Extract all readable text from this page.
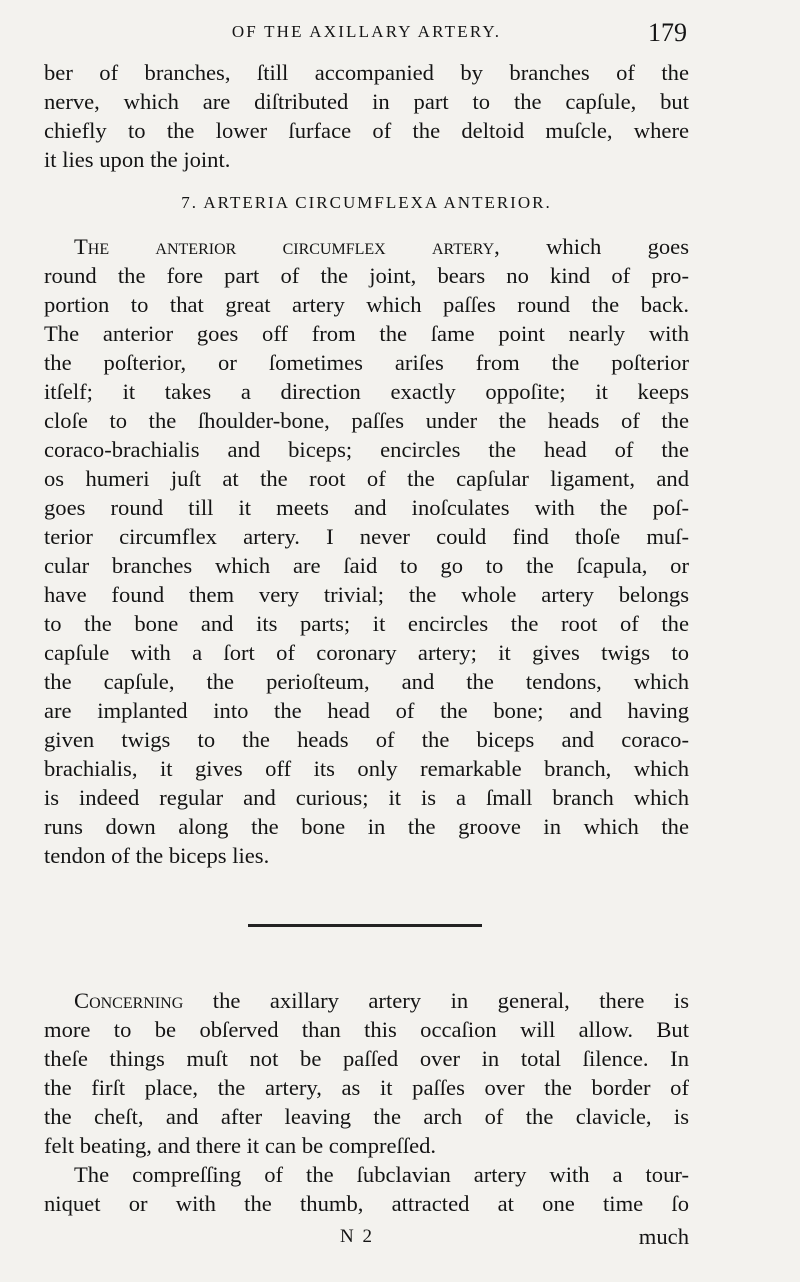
OF THE AXILLARY ARTERY.	179
ber of branches, ſtill accompanied by branches of the
nerve, which are diſtributed in part to the capſule, but
chiefly to the lower ſurface of the deltoid muſcle, where
it lies upon the joint.
7. ARTERIA CIRCUMFLEXA ANTERIOR.
The anterior circumflex artery, which goes
round the fore part of the joint, bears no kind of pro-
portion to that great artery which paſſes round the back.
The anterior goes off from the ſame point nearly with
the poſterior, or ſometimes ariſes from the poſterior
itſelf; it takes a direction exactly oppoſite; it keeps
cloſe to the ſhoulder-bone, paſſes under the heads of the
coraco-brachialis and biceps; encircles the head of the
os humeri juſt at the root of the capſular ligament, and
goes round till it meets and inoſculates with the poſ-
terior circumflex artery. I never could find thoſe muſ-
cular branches which are ſaid to go to the ſcapula, or
have found them very trivial; the whole artery belongs
to the bone and its parts; it encircles the root of the
capſule with a ſort of coronary artery; it gives twigs to
the capſule, the perioſteum, and the tendons, which
are implanted into the head of the bone; and having
given twigs to the heads of the biceps and coraco-
brachialis, it gives off its only remarkable branch, which
is indeed regular and curious; it is a ſmall branch which
runs down along the bone in the groove in which the
tendon of the biceps lies.
Concerning the axillary artery in general, there is
more to be obſerved than this occaſion will allow. But
theſe things muſt not be paſſed over in total ſilence. In
the firſt place, the artery, as it paſſes over the border of
the cheſt, and after leaving the arch of the clavicle, is
felt beating, and there it can be compreſſed.
The compreſſing of the ſubclavian artery with a tour-
niquet or with the thumb, attracted at one time ſo
N 2	much
